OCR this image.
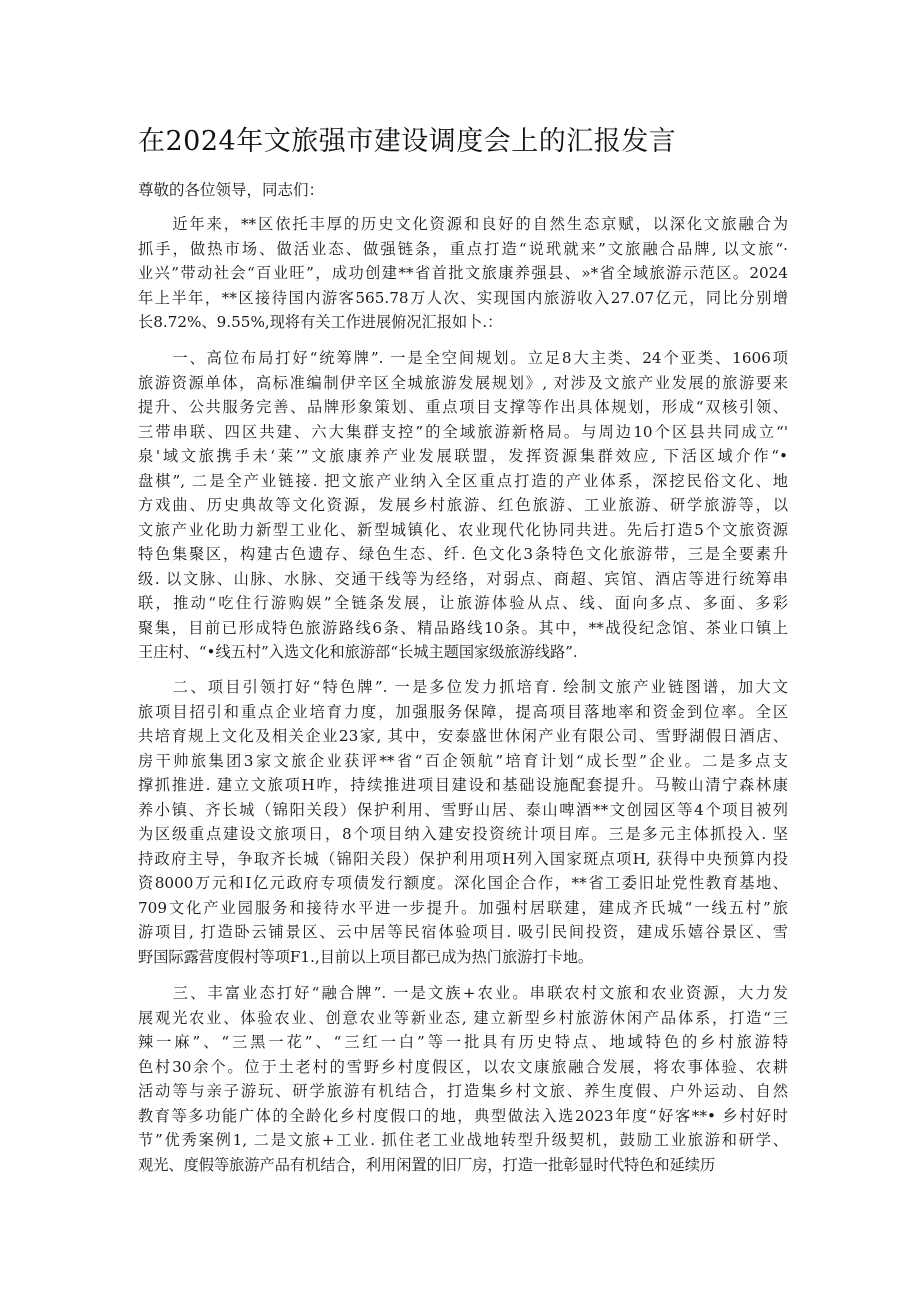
在2024年文旅强市建设调度会上的汇报发言
尊敬的各位领导，同志们：
　　近年来，**区依托丰厚的历史文化资源和良好的自然生态京赋，以深化文旅融合为
抓手，做热市场、做活业态、做强链条，重点打造“说玳就来”文旅融合品牌, 以文旅“·
业兴”带动社会“百业旺”，成功创建**省首批文旅康养强县、»*省全域旅游示范区。2024
年上半年，**区接待国内游客565.78万人次、实现国内旅游收入27.07亿元，同比分别增
长8.72%、9.55%,现将有关工作进展俯况汇报如卜.：
　　一、高位布局打好“统筹牌”. 一是全空间规划。立足8大主类、24个亚类、1606项
旅游资源单体，高标准编制伊辛区全城旅游发展规划》, 对涉及文旅产业发展的旅游要来
提升、公共服务完善、品牌形象策划、重点项目支撑等作出具体规划，形成“双核引领、
三带串联、四区共建、六大集群支控”的全域旅游新格局。与周边10个区县共同成立“'
泉'域文旅携手未‘莱’”文旅康养产业发展联盟，发挥资源集群效应, 下活区域介作“•
盘棋”, 二是全产业链接. 把文旅产业纳入全区重点打造的产业体系，深挖民俗文化、地
方戏曲、历史典故等文化资源，发展乡村旅游、红色旅游、工业旅游、研学旅游等，以
文旅产业化助力新型工业化、新型城镇化、农业现代化协同共进。先后打造5个文旅资源
特色集聚区，构建古色遗存、绿色生态、纤. 色文化3条特色文化旅游带，三是全要素升
级. 以文脉、山脉、水脉、交通干线等为经络，对弱点、商超、宾馆、酒店等进行统筹串
联，推动“吃住行游购娱”全链条发展，让旅游体验从点、线、面向多点、多面、多彩
聚集，目前已形成特色旅游路线6条、精品路线10条。其中，**战役纪念馆、茶业口镇上
王庄村、“•线五村”入选文化和旅游部“长城主题国家级旅游线路”.
　　二、项目引领打好“特色牌”. 一是多位发力抓培育. 绘制文旅产业链图谱，加大文
旅项目招引和重点企业培育力度，加强服务保障，提高项目落地率和资金到位率。全区
共培育规上文化及相关企业23家, 其中，安泰盛世休闲产业有限公司、雪野湖假日酒店、
房干帅旅集团3家文旅企业获评**省“百企领航”培育计划“成长型”企业。二是多点支
撑抓推进. 建立文旅项H咋，持续推进项目建设和基础设施配套提升。马鞍山清宁森林康
养小镇、齐长城（锦阳关段）保护利用、雪野山居、泰山啤酒**文创园区等4个项目被列
为区级重点建设文旅项日，8个项目纳入建安投资统计项目库。三是多元主体抓投入. 坚
持政府主导，争取齐长城（锦阳关段）保护利用项H列入国家斑点项H, 获得中央预算内投
资8000万元和I亿元政府专项债发行额度。深化国企合作，**省工委旧址党性教育基地、
709文化产业园服务和接待水平进一步提升。加强村居联建，建成齐氏城“一线五村”旅
游项目, 打造卧云铺景区、云中居等民宿体验项目. 吸引民间投资，建成乐嬉谷景区、雪
野国际露营度假村等项F1.,目前以上项目都已成为热门旅游打卡地。
　　三、丰富业态打好“融合牌”. 一是文族+农业。串联农村文旅和农业资源，大力发
展观光农业、体验农业、创意农业等新业态, 建立新型乡村旅游休闲产品体系，打造“三
辣一麻”、“三黑一花”、“三红一白”等一批具有历史特点、地域特色的乡村旅游特
色村30余个。位于土老村的雪野乡村度假区，以农文康旅融合发展，将农事体验、农耕
活动等与亲子游玩、研学旅游有机结合，打造集乡村文旅、养生度假、户外运动、自然
教育等多功能广体的全龄化乡村度假口的地，典型做法入选2023年度“好客**• 乡村好时
节”优秀案例1, 二是文旅+工业. 抓住老工业战地转型升级契机，鼓励工业旅游和研学、
观光、度假等旅游产品有机结合，利用闲置的旧厂房，打造一批彰显时代特色和延续历
